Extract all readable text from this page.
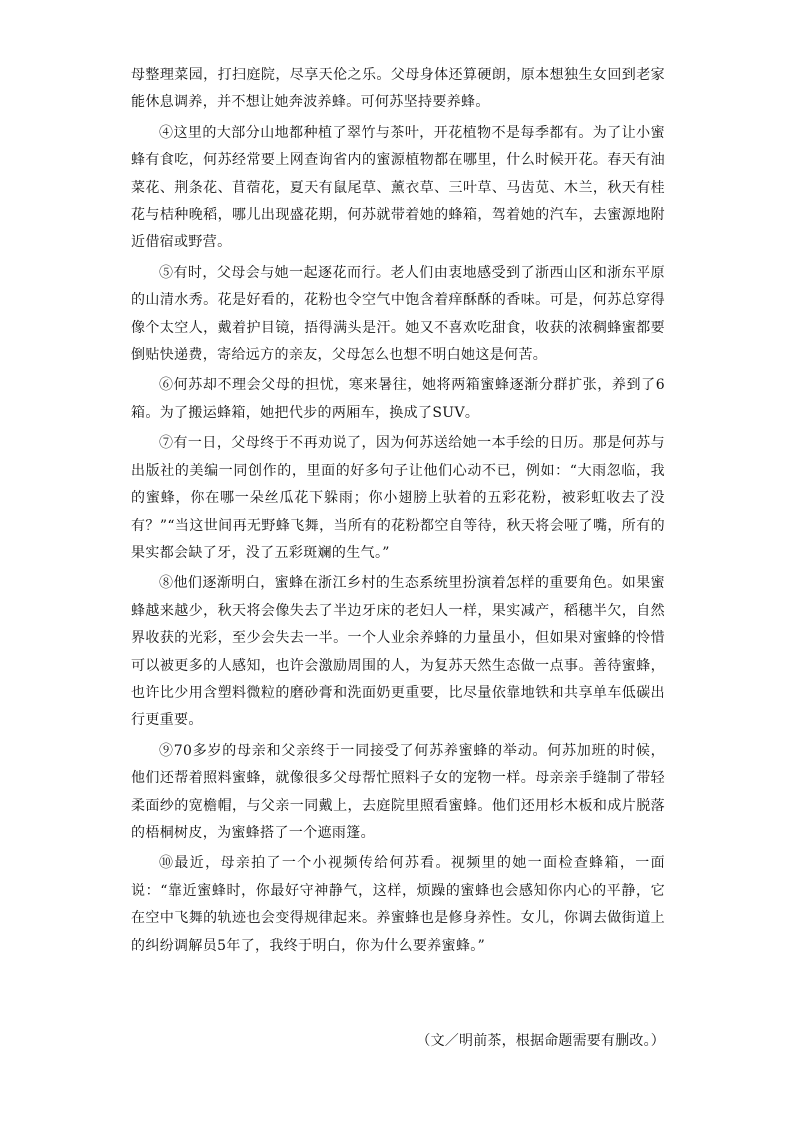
母整理菜园，打扫庭院，尽享天伦之乐。父母身体还算硬朗，原本想独生女回到老家能休息调养，并不想让她奔波养蜂。可何苏坚持要养蜂。

④这里的大部分山地都种植了翠竹与茶叶，开花植物不是每季都有。为了让小蜜蜂有食吃，何苏经常要上网查询省内的蜜源植物都在哪里，什么时候开花。春天有油菜花、荆条花、苜蓿花，夏天有鼠尾草、薰衣草、三叶草、马齿苋、木兰，秋天有桂花与桔种晚稻，哪儿出现盛花期，何苏就带着她的蜂箱，驾着她的汽车，去蜜源地附近借宿或野营。

⑤有时，父母会与她一起逐花而行。老人们由衷地感受到了浙西山区和浙东平原的山清水秀。花是好看的，花粉也令空气中饱含着痒酥酥的香味。可是，何苏总穿得像个太空人，戴着护目镜，捂得满头是汗。她又不喜欢吃甜食，收获的浓稠蜂蜜都要倒贴快递费，寄给远方的亲友，父母怎么也想不明白她这是何苦。

⑥何苏却不理会父母的担忧，寒来暑往，她将两箱蜜蜂逐渐分群扩张，养到了6箱。为了搬运蜂箱，她把代步的两厢车，换成了SUV。

⑦有一日，父母终于不再劝说了，因为何苏送给她一本手绘的日历。那是何苏与出版社的美编一同创作的，里面的好多句子让他们心动不已，例如：“大雨忽临，我的蜜蜂，你在哪一朵丝瓜花下躲雨；你小翅膀上驮着的五彩花粉，被彩虹收去了没有？”“当这世间再无野蜂飞舞，当所有的花粉都空自等待，秋天将会哑了嘴，所有的果实都会缺了牙，没了五彩斑斓的生气。”

⑧他们逐渐明白，蜜蜂在浙江乡村的生态系统里扮演着怎样的重要角色。如果蜜蜂越来越少，秋天将会像失去了半边牙床的老妇人一样，果实减产，稻穗半欠，自然界收获的光彩，至少会失去一半。一个人业余养蜂的力量虽小，但如果对蜜蜂的怜惜可以被更多的人感知，也许会激励周围的人，为复苏天然生态做一点事。善待蜜蜂，也许比少用含塑料微粒的磨砂膏和洗面奶更重要，比尽量依靠地铁和共享单车低碳出行更重要。

⑨70多岁的母亲和父亲终于一同接受了何苏养蜜蜂的举动。何苏加班的时候，他们还帮着照料蜜蜂，就像很多父母帮忙照料子女的宠物一样。母亲亲手缝制了带轻柔面纱的宽檐帽，与父亲一同戴上，去庭院里照看蜜蜂。他们还用杉木板和成片脱落的梧桐树皮，为蜜蜂搭了一个遮雨篷。

⑩最近，母亲拍了一个小视频传给何苏看。视频里的她一面检查蜂箱，一面说：“靠近蜜蜂时，你最好守神静气，这样，烦躁的蜜蜂也会感知你内心的平静，它在空中飞舞的轨迹也会变得规律起来。养蜜蜂也是修身养性。女儿，你调去做街道上的纠纷调解员5年了，我终于明白，你为什么要养蜜蜂。”

（文／明前茶，根据命题需要有删改。）
